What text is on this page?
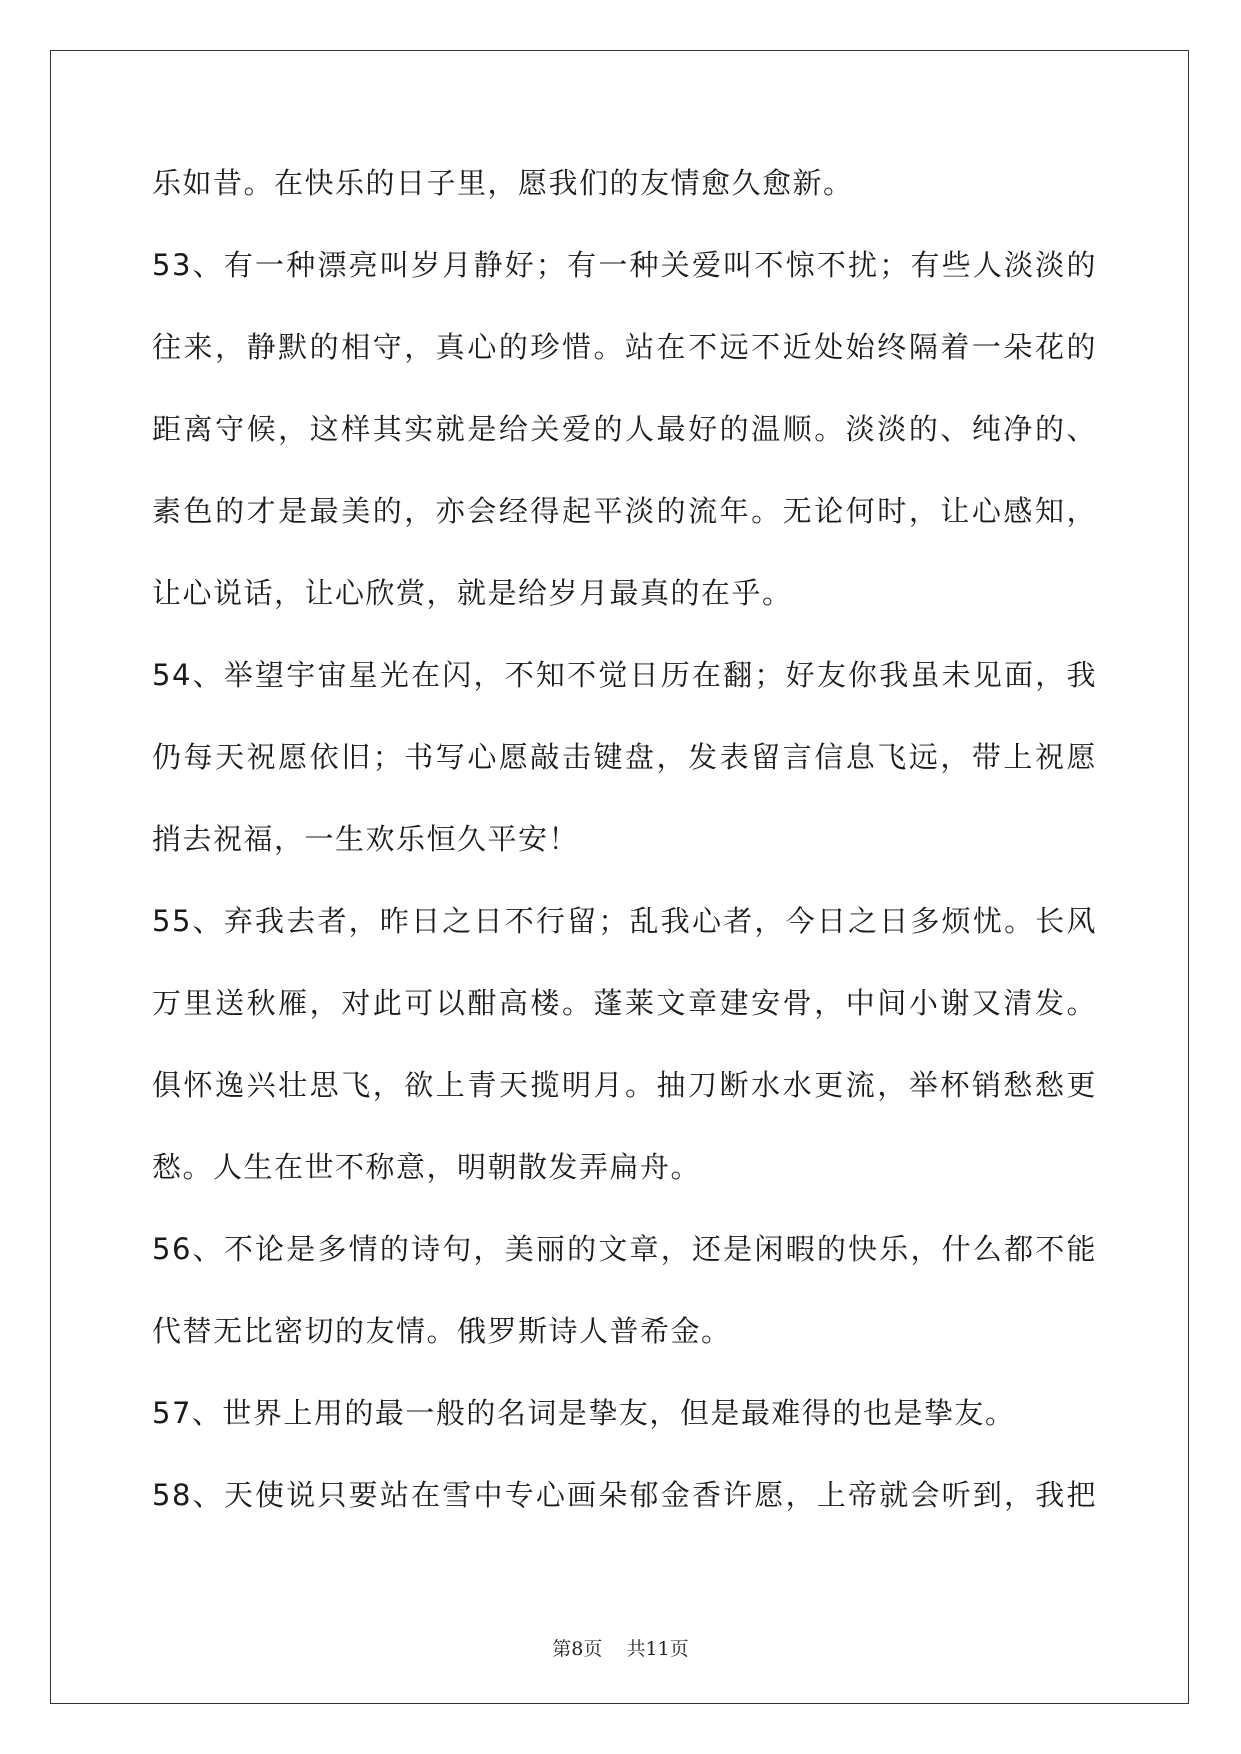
乐如昔。在快乐的日子里，愿我们的友情愈久愈新。
53、有一种漂亮叫岁月静好；有一种关爱叫不惊不扰；有些人淡淡的
往来，静默的相守，真心的珍惜。站在不远不近处始终隔着一朵花的
距离守候，这样其实就是给关爱的人最好的温顺。淡淡的、纯净的、
素色的才是最美的，亦会经得起平淡的流年。无论何时，让心感知，
让心说话，让心欣赏，就是给岁月最真的在乎。
54、举望宇宙星光在闪，不知不觉日历在翻；好友你我虽未见面，我
仍每天祝愿依旧；书写心愿敲击键盘，发表留言信息飞远，带上祝愿
捎去祝福，一生欢乐恒久平安！
55、弃我去者，昨日之日不行留；乱我心者，今日之日多烦忧。长风
万里送秋雁，对此可以酣高楼。蓬莱文章建安骨，中间小谢又清发。
俱怀逸兴壮思飞，欲上青天揽明月。抽刀断水水更流，举杯销愁愁更
愁。人生在世不称意，明朝散发弄扁舟。
56、不论是多情的诗句，美丽的文章，还是闲暇的快乐，什么都不能
代替无比密切的友情。俄罗斯诗人普希金。
57、世界上用的最一般的名词是挚友，但是最难得的也是挚友。
58、天使说只要站在雪中专心画朵郁金香许愿，上帝就会听到，我把
第8页 共11页
